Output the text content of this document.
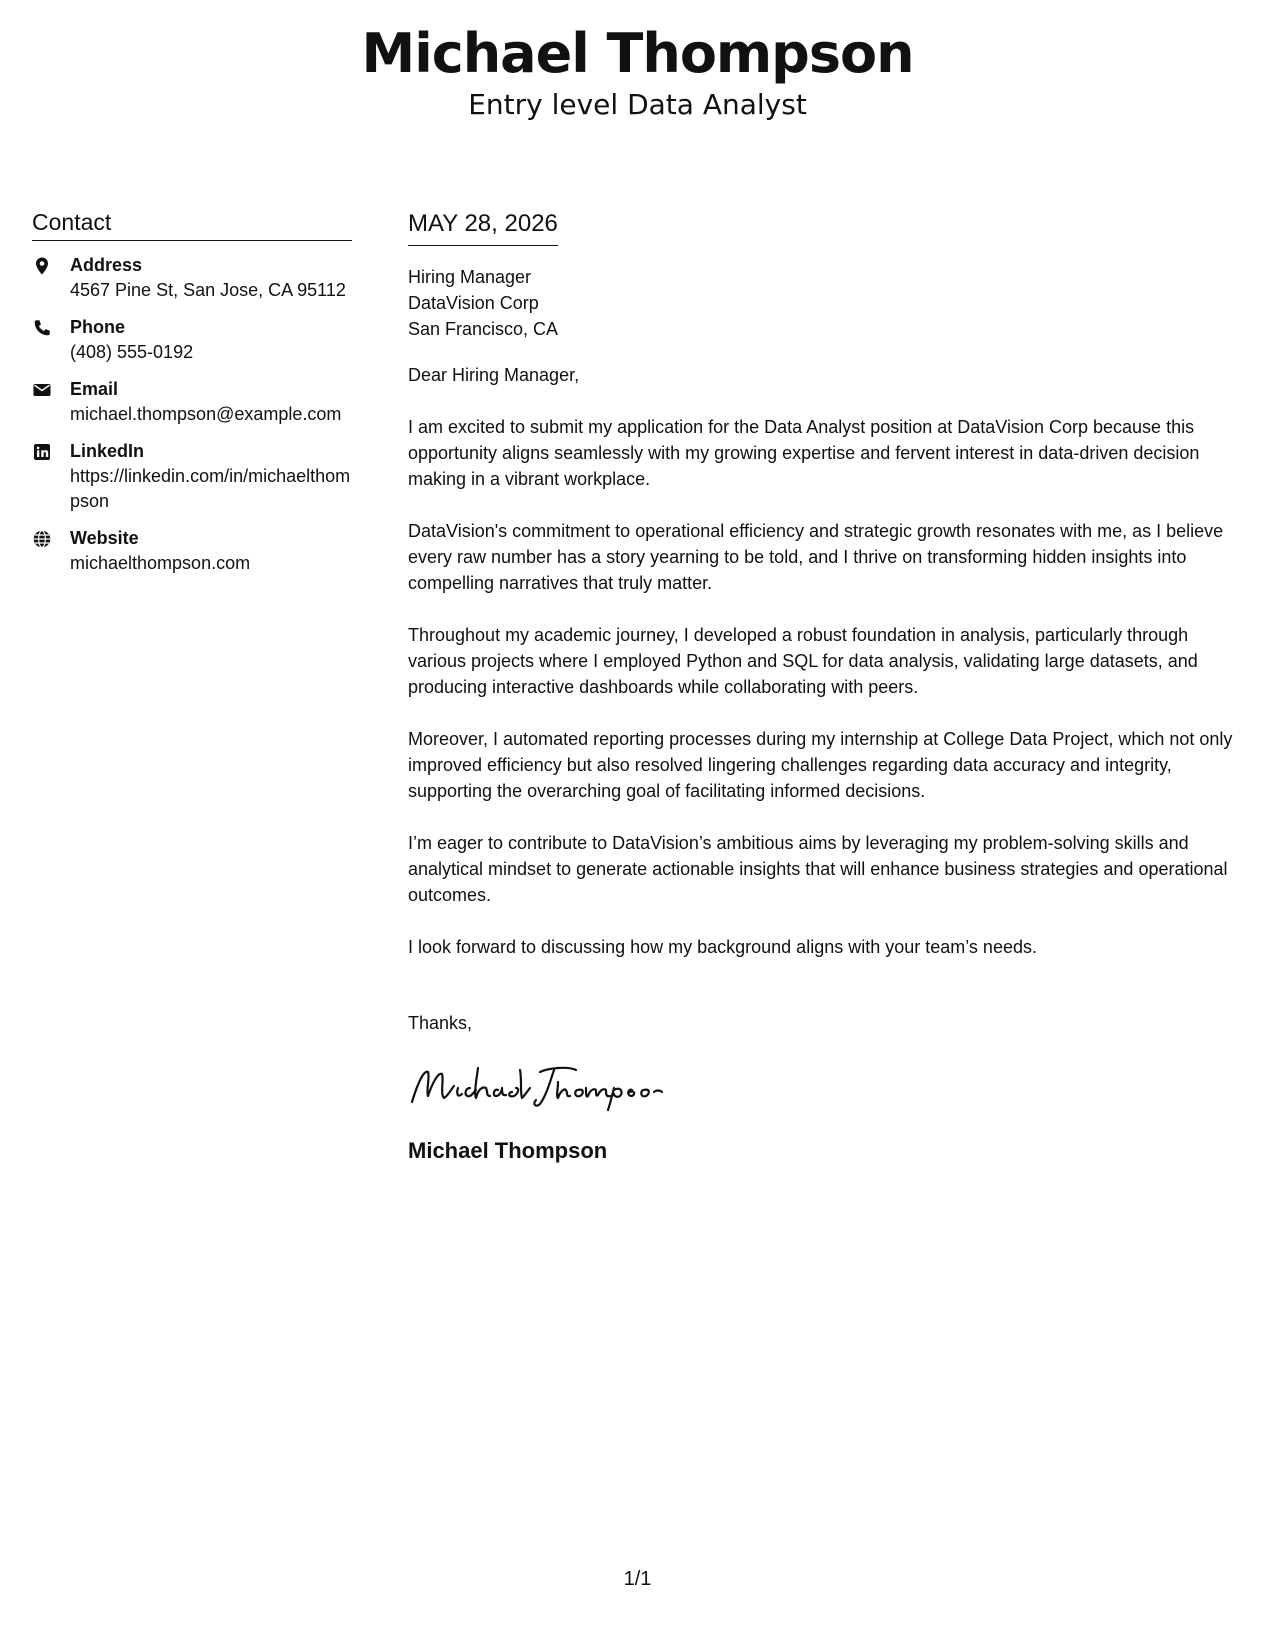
Michael Thompson
Entry level Data Analyst
Contact
Address
4567 Pine St, San Jose, CA 95112
Phone
(408) 555-0192
Email
michael.thompson@example.com
LinkedIn
https://linkedin.com/in/michaelthompson
Website
michaelthompson.com
MAY 28, 2026
Hiring Manager
DataVision Corp
San Francisco, CA
Dear Hiring Manager,
I am excited to submit my application for the Data Analyst position at DataVision Corp because this opportunity aligns seamlessly with my growing expertise and fervent interest in data-driven decision making in a vibrant workplace.
DataVision's commitment to operational efficiency and strategic growth resonates with me, as I believe every raw number has a story yearning to be told, and I thrive on transforming hidden insights into compelling narratives that truly matter.
Throughout my academic journey, I developed a robust foundation in analysis, particularly through various projects where I employed Python and SQL for data analysis, validating large datasets, and producing interactive dashboards while collaborating with peers.
Moreover, I automated reporting processes during my internship at College Data Project, which not only improved efficiency but also resolved lingering challenges regarding data accuracy and integrity, supporting the overarching goal of facilitating informed decisions.
I’m eager to contribute to DataVision’s ambitious aims by leveraging my problem-solving skills and analytical mindset to generate actionable insights that will enhance business strategies and operational outcomes.
I look forward to discussing how my background aligns with your team’s needs.
Thanks,
Michael Thompson
1/1
